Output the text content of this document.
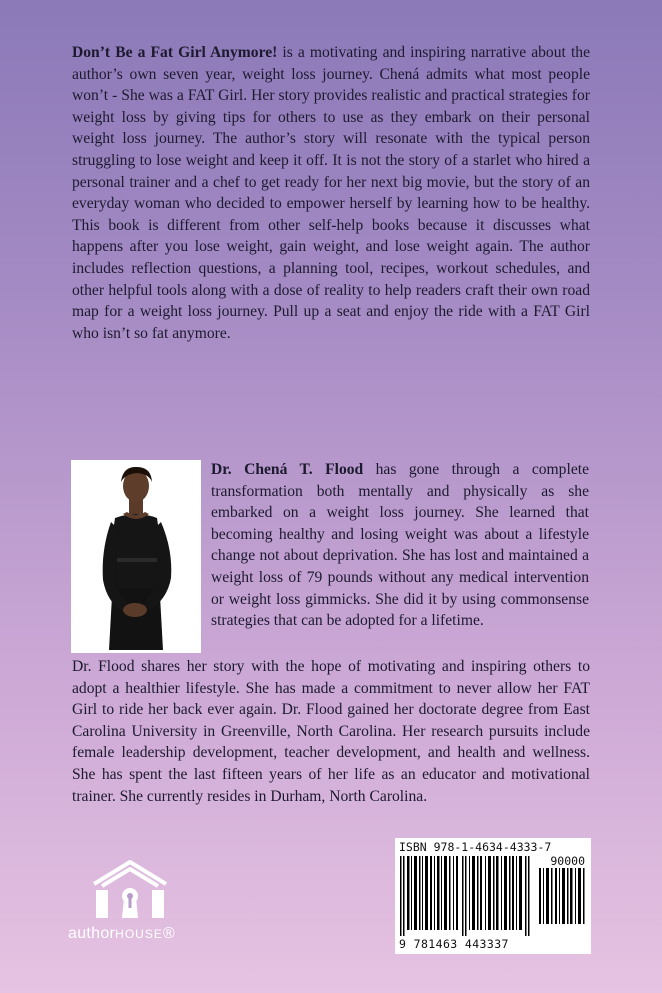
Don’t Be a Fat Girl Anymore! is a motivating and inspiring narrative about the author’s own seven year, weight loss journey. Chená admits what most people won’t - She was a FAT Girl. Her story provides realistic and practical strategies for weight loss by giving tips for others to use as they embark on their personal weight loss journey. The author’s story will resonate with the typical person struggling to lose weight and keep it off. It is not the story of a starlet who hired a personal trainer and a chef to get ready for her next big movie, but the story of an everyday woman who decided to empower herself by learning how to be healthy. This book is different from other self-help books because it discusses what happens after you lose weight, gain weight, and lose weight again. The author includes reflection questions, a planning tool, recipes, workout schedules, and other helpful tools along with a dose of reality to help readers craft their own road map for a weight loss journey. Pull up a seat and enjoy the ride with a FAT Girl who isn’t so fat anymore.

Dr. Chená T. Flood has gone through a complete transformation both mentally and physically as she embarked on a weight loss journey. She learned that becoming healthy and losing weight was about a lifestyle change not about deprivation. She has lost and maintained a weight loss of 79 pounds without any medical intervention or weight loss gimmicks. She did it by using commonsense strategies that can be adopted for a lifetime.

Dr. Flood shares her story with the hope of motivating and inspiring others to adopt a healthier lifestyle. She has made a commitment to never allow her FAT Girl to ride her back ever again. Dr. Flood gained her doctorate degree from East Carolina University in Greenville, North Carolina. Her research pursuits include female leadership development, teacher development, and health and wellness. She has spent the last fifteen years of her life as an educator and motivational trainer. She currently resides in Durham, North Carolina.

authorHOUSE®
ISBN 978-1-4634-4333-7
90000
9 781463 443337
